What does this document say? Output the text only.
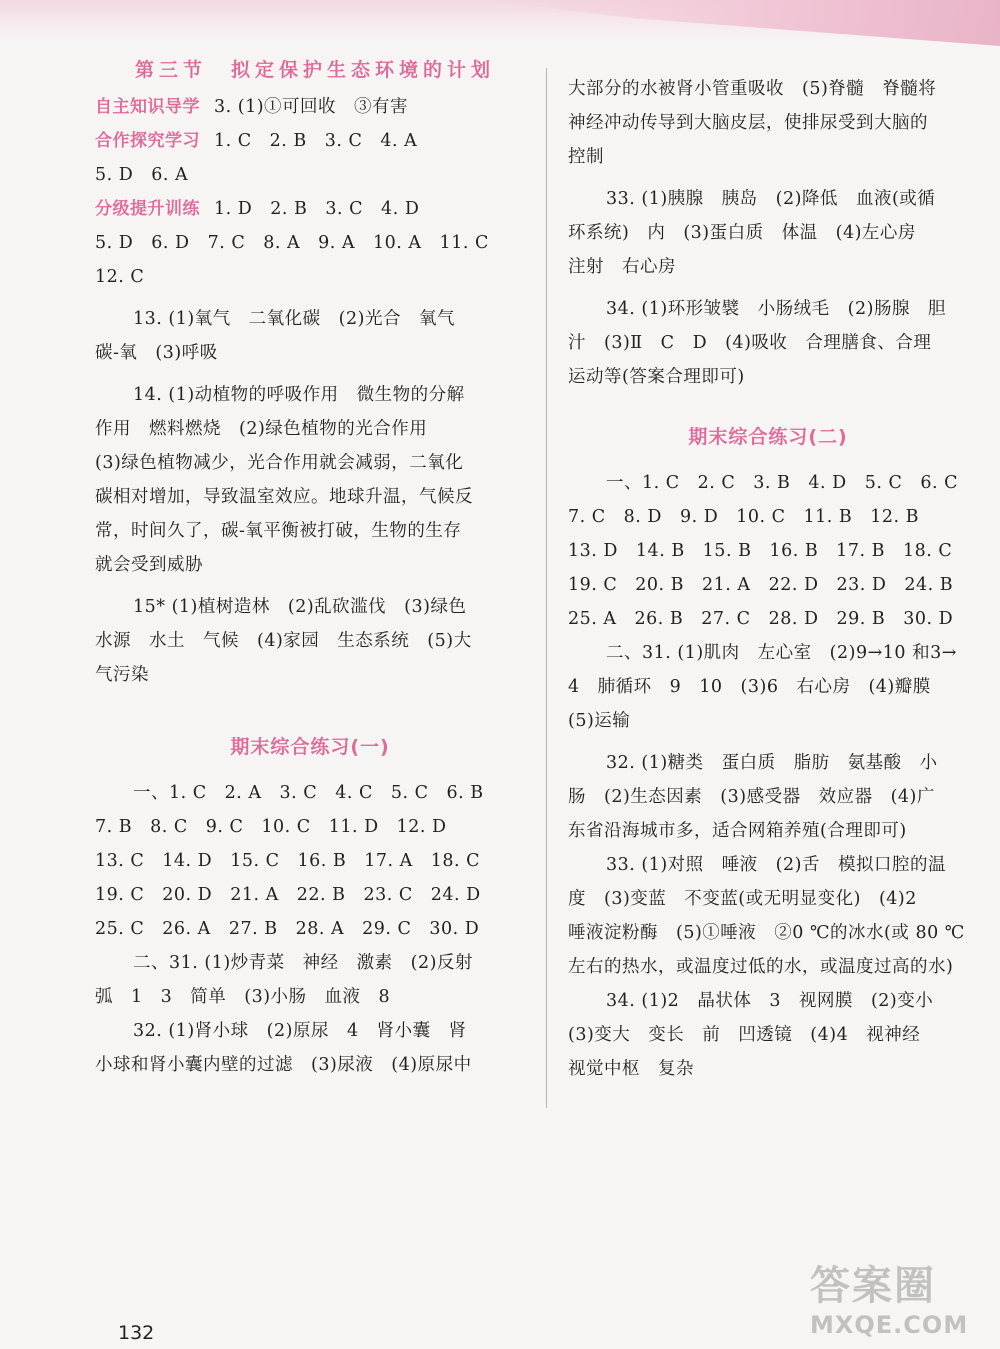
第三节　拟定保护生态环境的计划
自主知识导学 3. (1)①可回收　③有害
合作探究学习 1. C　2. B　3. C　4. A
5. D　6. A
分级提升训练 1. D　2. B　3. C　4. D
5. D　6. D　7. C　8. A　9. A　10. A　11. C
12. C
13. (1)氧气　二氧化碳　(2)光合　氧气
碳-氧　(3)呼吸
14. (1)动植物的呼吸作用　微生物的分解
作用　燃料燃烧　(2)绿色植物的光合作用
(3)绿色植物减少，光合作用就会减弱，二氧化
碳相对增加，导致温室效应。地球升温，气候反
常，时间久了，碳-氧平衡被打破，生物的生存
就会受到威胁
15* (1)植树造林　(2)乱砍滥伐　(3)绿色
水源　水土　气候　(4)家园　生态系统　(5)大
气污染
期末综合练习(一)
一、1. C　2. A　3. C　4. C　5. C　6. B
7. B　8. C　9. C　10. C　11. D　12. D
13. C　14. D　15. C　16. B　17. A　18. C
19. C　20. D　21. A　22. B　23. C　24. D
25. C　26. A　27. B　28. A　29. C　30. D
二、31. (1)炒青菜　神经　激素　(2)反射
弧　1　3　简单　(3)小肠　血液　8
32. (1)肾小球　(2)原尿　4　肾小囊　肾
小球和肾小囊内壁的过滤　(3)尿液　(4)原尿中
大部分的水被肾小管重吸收　(5)脊髓　脊髓将
神经冲动传导到大脑皮层，使排尿受到大脑的
控制
33. (1)胰腺　胰岛　(2)降低　血液(或循
环系统)　内　(3)蛋白质　体温　(4)左心房
注射　右心房
34. (1)环形皱襞　小肠绒毛　(2)肠腺　胆
汁　(3)Ⅱ　C　D　(4)吸收　合理膳食、合理
运动等(答案合理即可)
期末综合练习(二)
一、1. C　2. C　3. B　4. D　5. C　6. C
7. C　8. D　9. D　10. C　11. B　12. B
13. D　14. B　15. B　16. B　17. B　18. C
19. C　20. B　21. A　22. D　23. D　24. B
25. A　26. B　27. C　28. D　29. B　30. D
二、31. (1)肌肉　左心室　(2)9→10 和3→
4　肺循环　9　10　(3)6　右心房　(4)瓣膜
(5)运输
32. (1)糖类　蛋白质　脂肪　氨基酸　小
肠　(2)生态因素　(3)感受器　效应器　(4)广
东省沿海城市多，适合网箱养殖(合理即可)
33. (1)对照　唾液　(2)舌　模拟口腔的温
度　(3)变蓝　不变蓝(或无明显变化)　(4)2
唾液淀粉酶　(5)①唾液　②0 ℃的冰水(或 80 ℃
左右的热水，或温度过低的水，或温度过高的水)
34. (1)2　晶状体　3　视网膜　(2)变小
(3)变大　变长　前　凹透镜　(4)4　视神经
视觉中枢　复杂
132
答案圈
MXQE.COM
